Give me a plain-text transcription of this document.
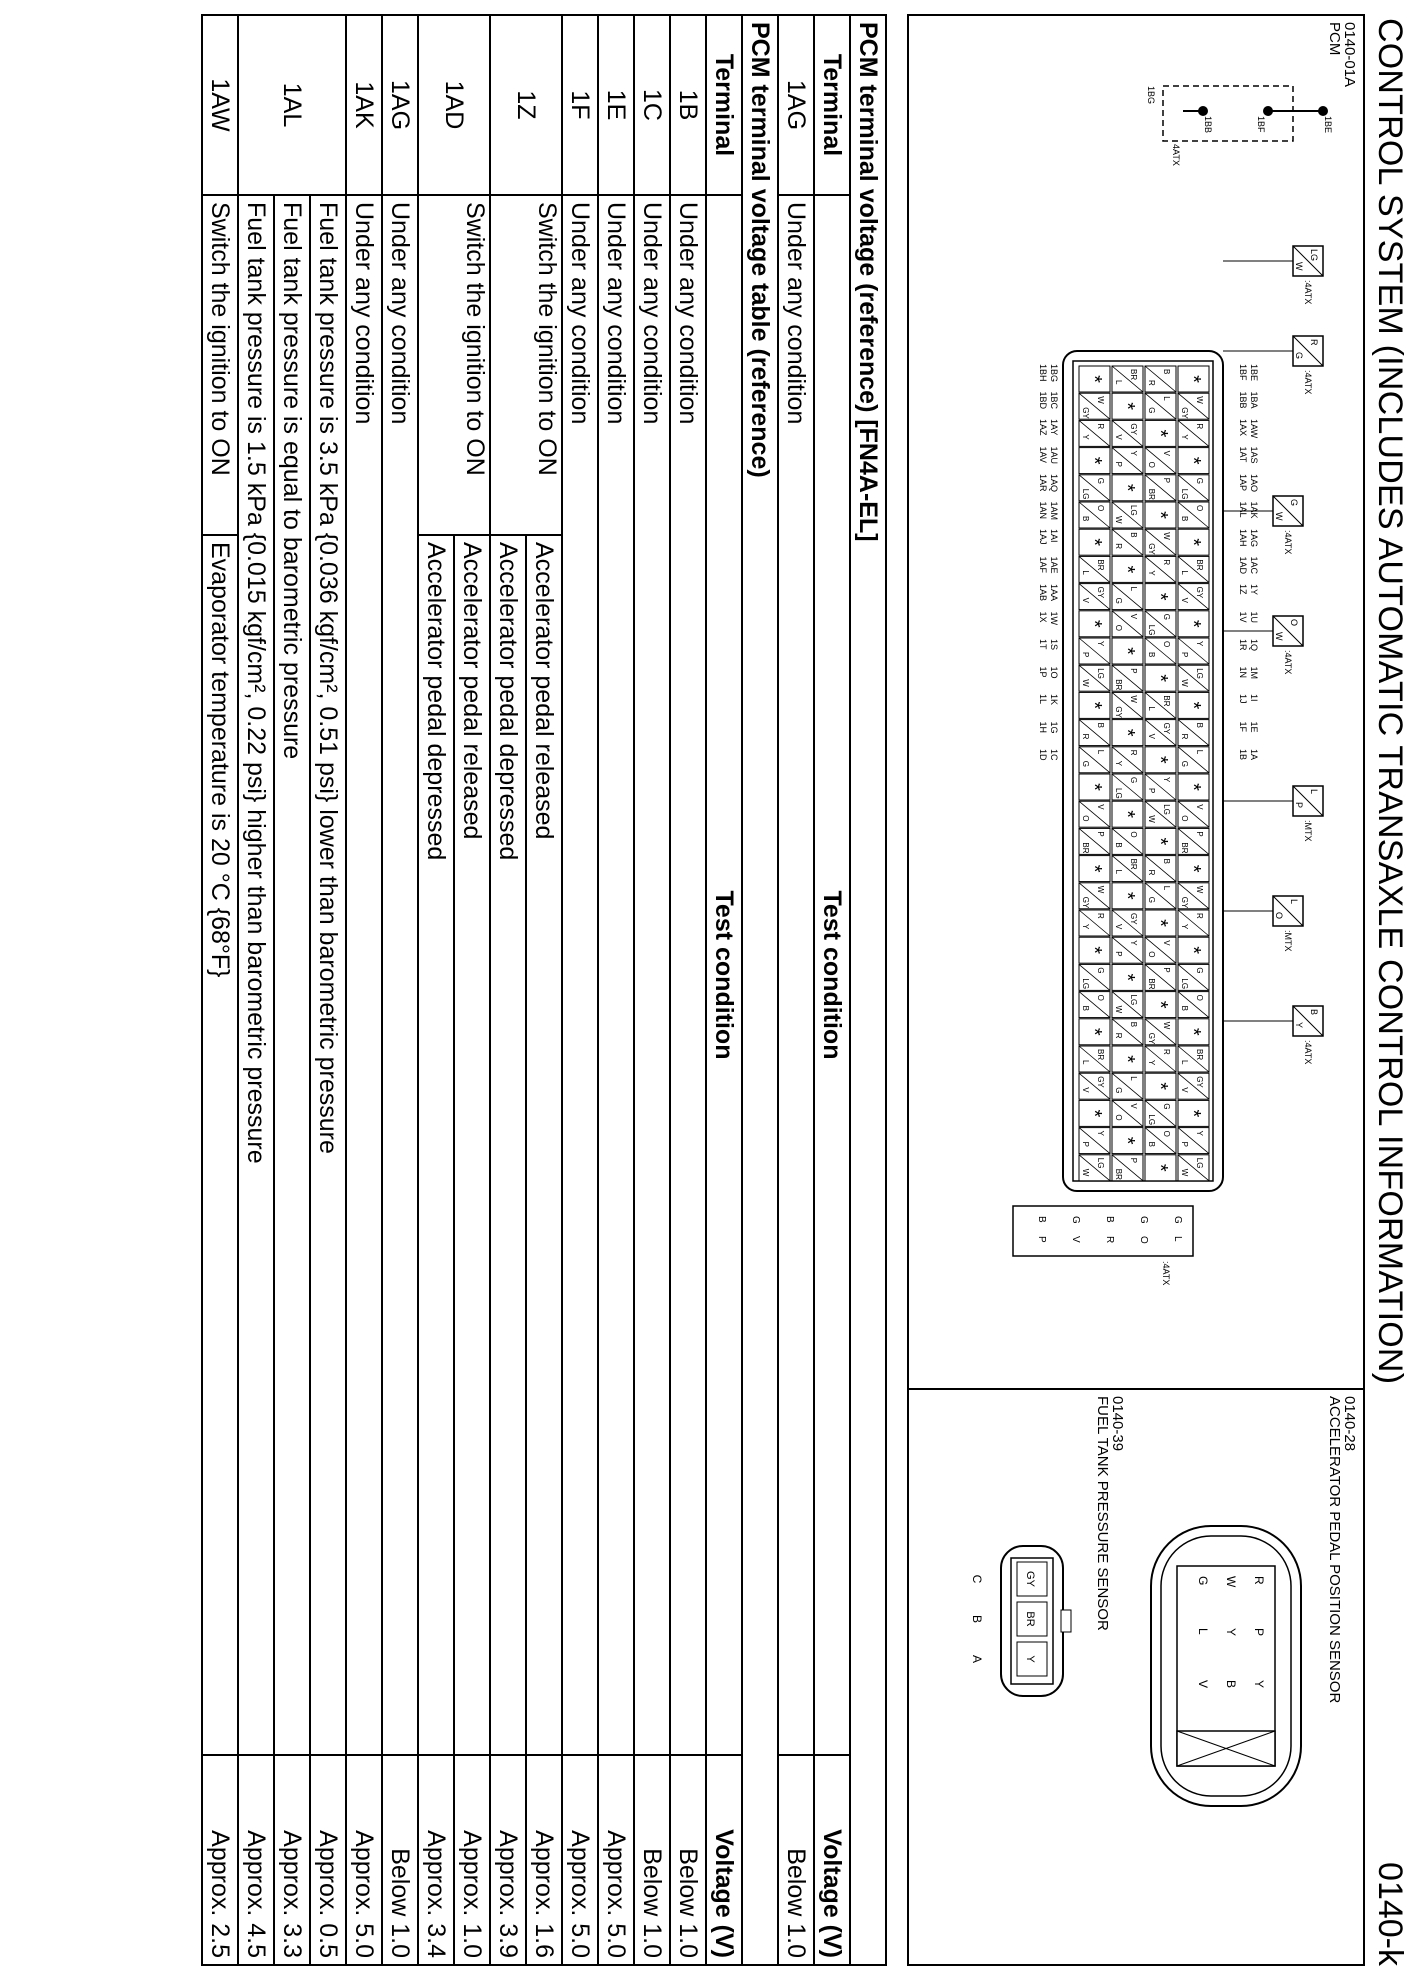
CONTROL SYSTEM (INCLUDES AUTOMATIC TRANSAXLE CONTROL INFORMATION)
0140-k
0140-01A
PCM
0140-28
ACCELERATOR PEDAL POSITION SENSOR
0140-39
FUEL TANK PRESSURE SENSOR
1BE
1BF
1BA
1BB
1AW
1AX
1AS
1AT
1AO
1AP
1AK
1AL
1AG
1AH
1AC
1AD
1Y
1Z
1U
1V
1Q
1R
1M
1N
1I
1J
1E
1F
1A
1B
1BG
1BH
1BC
1BD
1AY
1AZ
1AU
1AV
1AQ
1AR
1AM
1AN
1AI
1AJ
1AE
1AF
1AA
1AB
1W
1X
1S
1T
1O
1P
1K
1L
1G
1H
1C
1D
*
W
GY
R
Y
*
G
LG
O
B
*
BR
L
GY
V
*
Y
P
LG
W
*
B
R
L
G
*
V
O
P
BR
*
W
GY
R
Y
*
G
LG
O
B
*
BR
L
GY
V
*
Y
P
LG
W
B
R
L
G
*
V
O
P
BR
*
W
GY
R
Y
*
G
LG
O
B
*
BR
L
GY
V
*
Y
P
LG
W
*
B
R
L
G
*
V
O
P
BR
*
W
GY
R
Y
*
G
LG
O
B
*
BR
L
*
GY
V
Y
P
*
LG
W
B
R
*
L
G
V
O
*
P
BR
W
GY
*
R
Y
G
LG
*
O
B
BR
L
*
GY
V
Y
P
*
LG
W
B
R
*
L
G
V
O
*
P
BR
*
W
GY
R
Y
*
G
LG
O
B
*
BR
L
GY
V
*
Y
P
LG
W
*
B
R
L
G
*
V
O
P
BR
*
W
GY
R
Y
*
G
LG
O
B
*
BR
L
GY
V
*
Y
P
LG
W
1BE
1BF
1BB
1BG
4ATX
LG
W
:4ATX
R
G
:4ATX
G
W
:4ATX
O
W
:4ATX
L
P
:MTX
L
O
:MTX
B
Y
:4ATX
G
L
G
O
B
R
G
V
B
P
:4ATX
R
W
G
P
Y
L
Y
B
V
GY
C
BR
B
Y
A
PCM terminal voltage (reference) [FN4A-EL]		
Terminal	Test condition	Voltage (V)
1AG	Under any condition	Below 1.0
PCM terminal voltage table (reference)			
Terminal	Test condition		Voltage (V)
1B	Under any condition		Below 1.0
1C	Under any condition		Below 1.0
1E	Under any condition		Approx. 5.0
1F	Under any condition		Approx. 5.0
1Z	Switch the ignition to ON	Accelerator pedal released	Approx. 1.6
		Accelerator pedal depressed	Approx. 3.9
1AD	Switch the ignition to ON	Accelerator pedal released	Approx. 1.0
		Accelerator pedal depressed	Approx. 3.4
1AG	Under any condition		Below 1.0
1AK	Under any condition		Approx. 5.0
1AL	Fuel tank pressure is 3.5 kPa {0.036 kgf/cm², 0.51 psi} lower than barometric pressure		Approx. 0.5
	Fuel tank pressure is equal to barometric pressure		Approx. 3.3
	Fuel tank pressure is 1.5 kPa {0.015 kgf/cm², 0.22 psi} higher than barometric pressure		Approx. 4.5
1AW	Switch the ignition to ON	Evaporator temperature is 20 °C {68°F}	Approx. 2.5
